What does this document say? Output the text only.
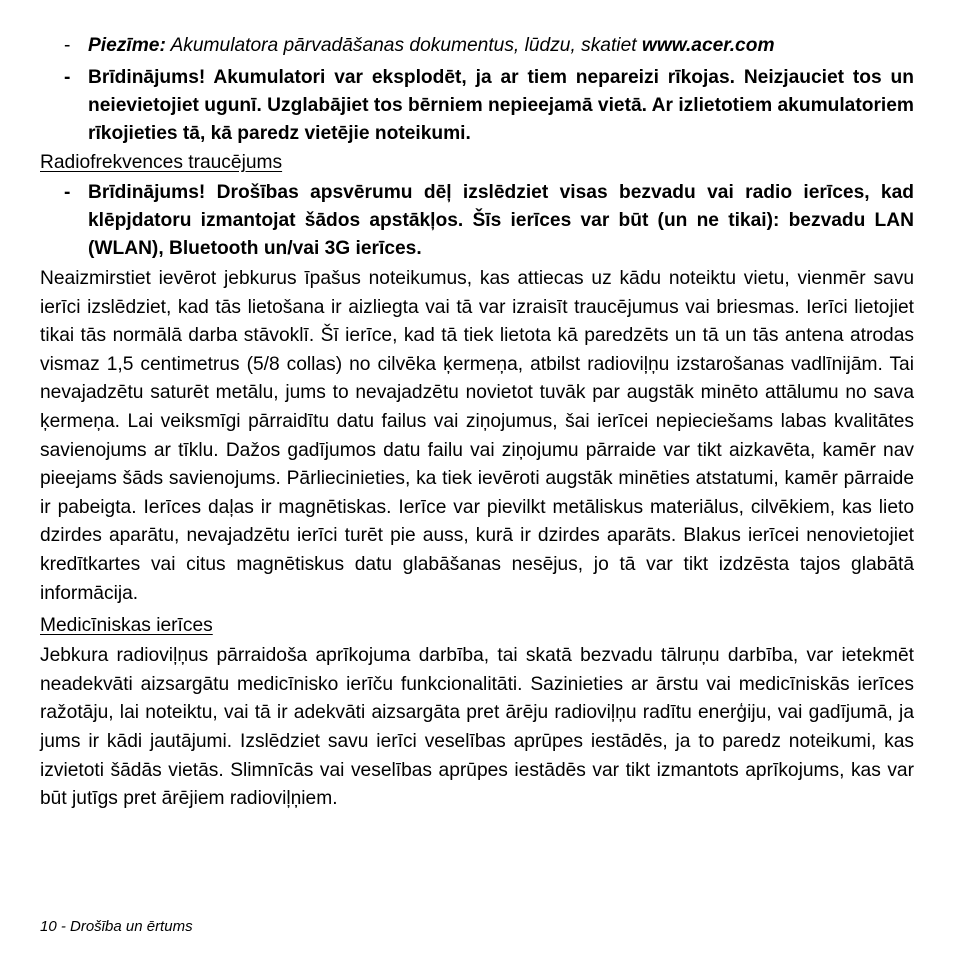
- Piezīme: Akumulatora pārvadāšanas dokumentus, lūdzu, skatiet www.acer.com
- Brīdinājums! Akumulatori var eksplodēt, ja ar tiem nepareizi rīkojas. Neizjauciet tos un neievietojiet ugunī. Uzglabājiet tos bērniem nepieejamā vietā. Ar izlietotiem akumulatoriem rīkojieties tā, kā paredz vietējie noteikumi.
Radiofrekvences traucējums
- Brīdinājums! Drošības apsvērumu dēļ izslēdziet visas bezvadu vai radio ierīces, kad klēpjdatoru izmantojat šādos apstākļos. Šīs ierīces var būt (un ne tikai): bezvadu LAN (WLAN), Bluetooth un/vai 3G ierīces.

Neaizmirstiet ievērot jebkurus īpašus noteikumus, kas attiecas uz kādu noteiktu vietu, vienmēr savu ierīci izslēdziet, kad tās lietošana ir aizliegta vai tā var izraisīt traucējumus vai briesmas. Ierīci lietojiet tikai tās normālā darba stāvoklī. Šī ierīce, kad tā tiek lietota kā paredzēts un tā un tās antena atrodas vismaz 1,5 centimetrus (5/8 collas) no cilvēka ķermeņa, atbilst radioviļņu izstarošanas vadlīnijām. Tai nevajadzētu saturēt metālu, jums to nevajadzētu novietot tuvāk par augstāk minēto attālumu no sava ķermeņa. Lai veiksmīgi pārraidītu datu failus vai ziņojumus, šai ierīcei nepieciešams labas kvalitātes savienojums ar tīklu. Dažos gadījumos datu failu vai ziņojumu pārraide var tikt aizkavēta, kamēr nav pieejams šāds savienojums. Pārliecinieties, ka tiek ievēroti augstāk minēties atstatumi, kamēr pārraide ir pabeigta. Ierīces daļas ir magnētiskas. Ierīce var pievilkt metāliskus materiālus, cilvēkiem, kas lieto dzirdes aparātu, nevajadzētu ierīci turēt pie auss, kurā ir dzirdes aparāts. Blakus ierīcei nenovietojiet kredītkartes vai citus magnētiskus datu glabāšanas nesējus, jo tā var tikt izdzēsta tajos glabātā informācija.

Medicīniskas ierīces

Jebkura radioviļņus pārraidoša aprīkojuma darbība, tai skatā bezvadu tālruņu darbība, var ietekmēt neadekvāti aizsargātu medicīnisko ierīču funkcionalitāti. Sazinieties ar ārstu vai medicīniskās ierīces ražotāju, lai noteiktu, vai tā ir adekvāti aizsargāta pret ārēju radioviļņu radītu enerģiju, vai gadījumā, ja jums ir kādi jautājumi. Izslēdziet savu ierīci veselības aprūpes iestādēs, ja to paredz noteikumi, kas izvietoti šādās vietās. Slimnīcās vai veselības aprūpes iestādēs var tikt izmantots aprīkojums, kas var būt jutīgs pret ārējiem radioviļņiem.

10 - Drošība un ērtums
